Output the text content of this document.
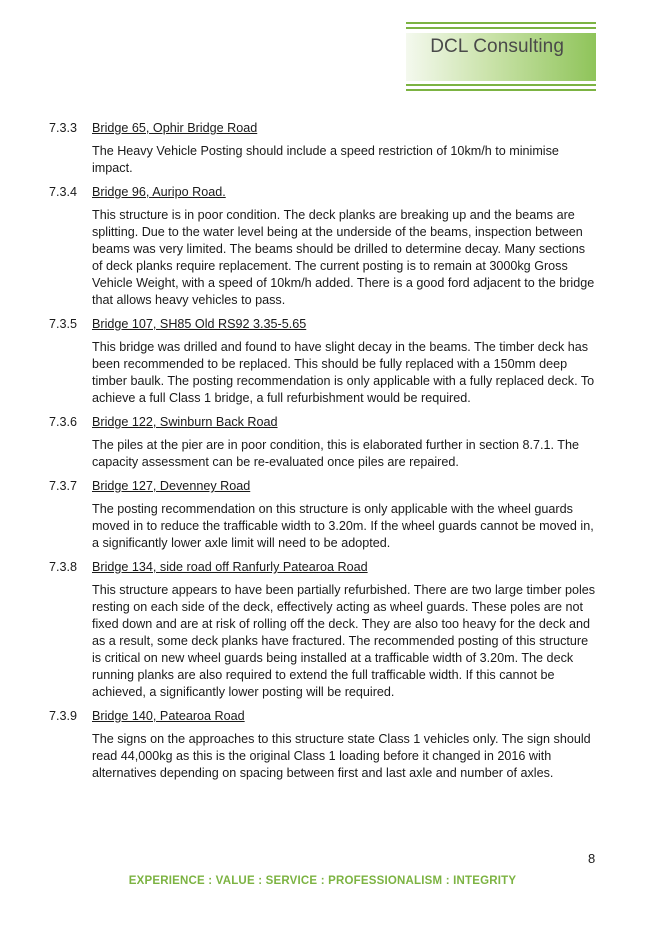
DCL Consulting
7.3.3	Bridge 65, Ophir Bridge Road
The Heavy Vehicle Posting should include a speed restriction of 10km/h to minimise impact.
7.3.4	Bridge 96, Auripo Road.
This structure is in poor condition. The deck planks are breaking up and the beams are splitting. Due to the water level being at the underside of the beams, inspection between beams was very limited. The beams should be drilled to determine decay. Many sections of deck planks require replacement. The current posting is to remain at 3000kg Gross Vehicle Weight, with a speed of 10km/h added. There is a good ford adjacent to the bridge that allows heavy vehicles to pass.
7.3.5	Bridge 107, SH85 Old RS92 3.35-5.65
This bridge was drilled and found to have slight decay in the beams. The timber deck has been recommended to be replaced. This should be fully replaced with a 150mm deep timber baulk. The posting recommendation is only applicable with a fully replaced deck. To achieve a full Class 1 bridge, a full refurbishment would be required.
7.3.6	Bridge 122, Swinburn Back Road
The piles at the pier are in poor condition, this is elaborated further in section 8.7.1. The capacity assessment can be re-evaluated once piles are repaired.
7.3.7	Bridge 127, Devenney Road
The posting recommendation on this structure is only applicable with the wheel guards moved in to reduce the trafficable width to 3.20m. If the wheel guards cannot be moved in, a significantly lower axle limit will need to be adopted.
7.3.8	Bridge 134, side road off Ranfurly Patearoa Road
This structure appears to have been partially refurbished. There are two large timber poles resting on each side of the deck, effectively acting as wheel guards. These poles are not fixed down and are at risk of rolling off the deck. They are also too heavy for the deck and as a result, some deck planks have fractured. The recommended posting of this structure is critical on new wheel guards being installed at a trafficable width of 3.20m. The deck running planks are also required to extend the full trafficable width. If this cannot be achieved, a significantly lower posting will be required.
7.3.9	Bridge 140, Patearoa Road
The signs on the approaches to this structure state Class 1 vehicles only. The sign should read 44,000kg as this is the original Class 1 loading before it changed in 2016 with alternatives depending on spacing between first and last axle and number of axles.
8
EXPERIENCE : VALUE : SERVICE : PROFESSIONALISM : INTEGRITY
